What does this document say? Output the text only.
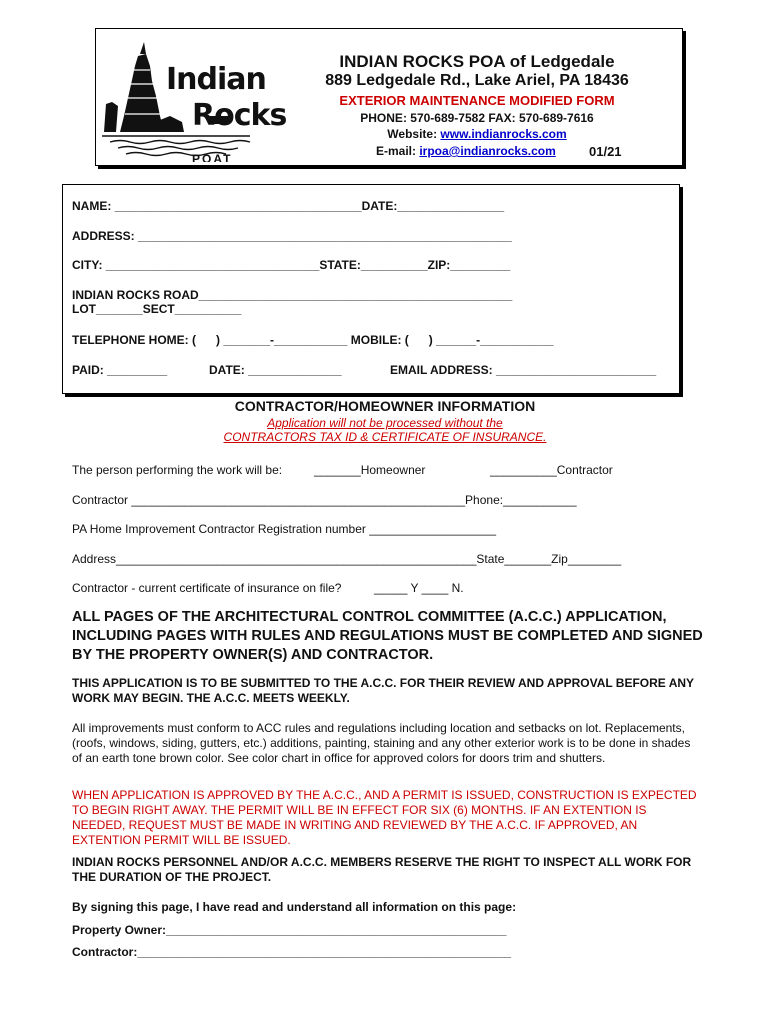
Indian
Rocks
POAT
INDIAN ROCKS POA of Ledgedale
889 Ledgedale Rd., Lake Ariel, PA 18436
EXTERIOR MAINTENANCE MODIFIED FORM
PHONE: 570-689-7582 FAX: 570-689-7616
Website: www.indianrocks.com
E-mail: irpoa@indianrocks.com	01/21
NAME: _____________________________________DATE:________________
ADDRESS: ________________________________________________________
CITY: ________________________________STATE:__________ZIP:_________
INDIAN ROCKS ROAD_______________________________________________
LOT_______SECT__________
TELEPHONE HOME: (      ) _______-___________ MOBILE: (      ) ______-___________
PAID: _________	DATE: ______________	EMAIL ADDRESS: ________________________
CONTRACTOR/HOMEOWNER INFORMATION
Application will not be processed without the
CONTRACTORS TAX ID & CERTIFICATE OF INSURANCE.
The person performing the work will be:	_______Homeowner	__________Contractor
Contractor __________________________________________________Phone:___________
PA Home Improvement Contractor Registration number ___________________
Address______________________________________________________State_______Zip________
Contractor - current certificate of insurance on file?	_____ Y ____ N.
ALL PAGES OF THE ARCHITECTURAL CONTROL COMMITTEE (A.C.C.) APPLICATION, INCLUDING PAGES WITH RULES AND REGULATIONS MUST BE COMPLETED AND SIGNED BY THE PROPERTY OWNER(S) AND CONTRACTOR.
THIS APPLICATION IS TO BE SUBMITTED TO THE A.C.C. FOR THEIR REVIEW AND APPROVAL BEFORE ANY WORK MAY BEGIN. THE A.C.C. MEETS WEEKLY.
All improvements must conform to ACC rules and regulations including location and setbacks on lot. Replacements, (roofs, windows, siding, gutters, etc.) additions, painting, staining and any other exterior work is to be done in shades of an earth tone brown color. See color chart in office for approved colors for doors trim and shutters.
WHEN APPLICATION IS APPROVED BY THE A.C.C., AND A PERMIT IS ISSUED, CONSTRUCTION IS EXPECTED TO BEGIN RIGHT AWAY. THE PERMIT WILL BE IN EFFECT FOR SIX (6) MONTHS. IF AN EXTENTION IS NEEDED, REQUEST MUST BE MADE IN WRITING AND REVIEWED BY THE A.C.C. IF APPROVED, AN EXTENTION PERMIT WILL BE ISSUED.
INDIAN ROCKS PERSONNEL AND/OR A.C.C. MEMBERS RESERVE THE RIGHT TO INSPECT ALL WORK FOR THE DURATION OF THE PROJECT.
By signing this page, I have read and understand all information on this page:
Property Owner:___________________________________________________
Contractor:________________________________________________________
